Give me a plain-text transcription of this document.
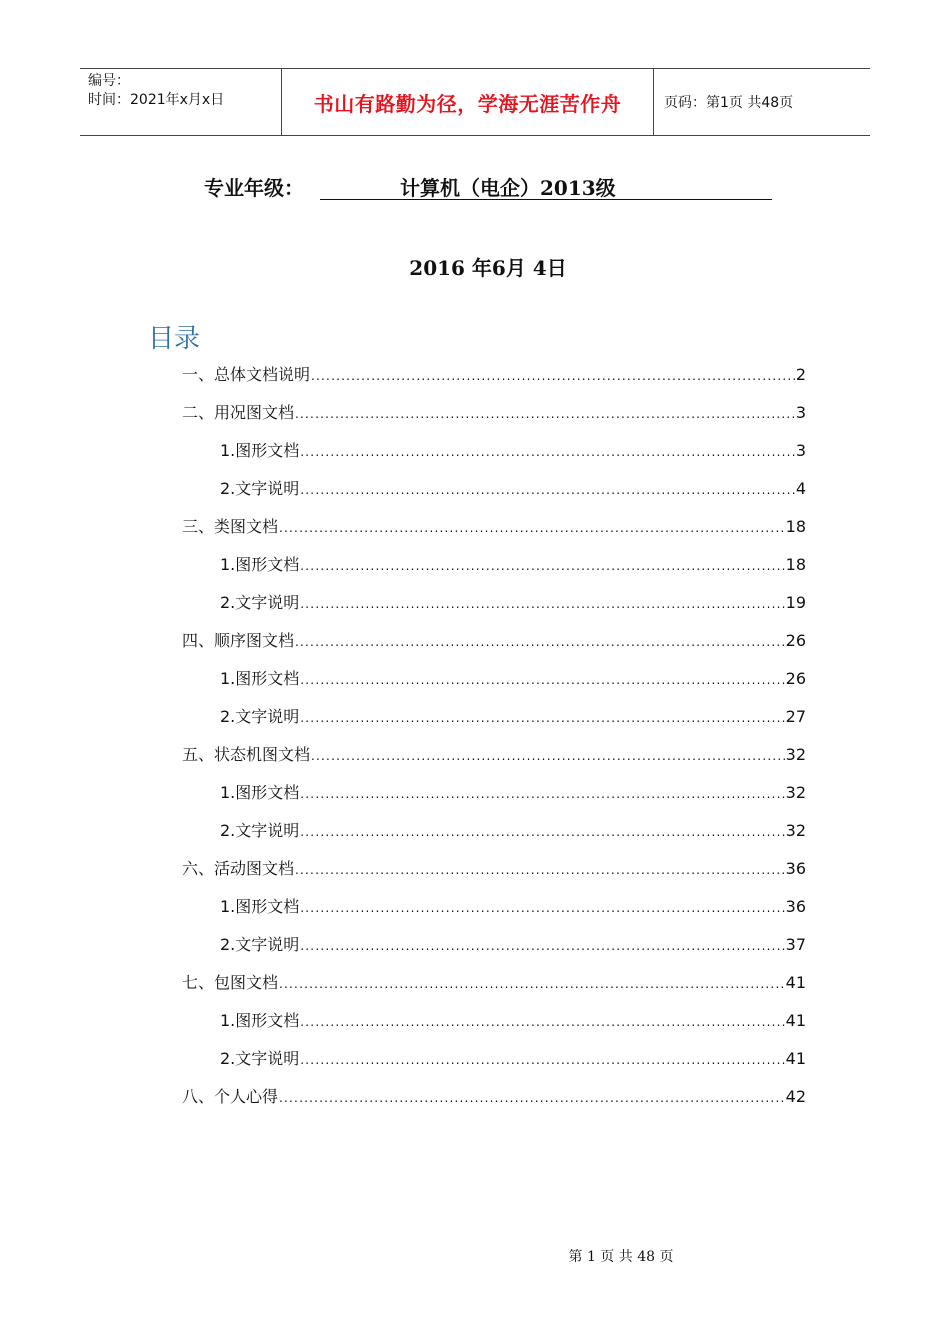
编号：
时间：2021年x月x日	书山有路勤为径，学海无涯苦作舟	页码：第1页 共48页
专业年级：	计算机（电企）2013级
2016 年6月 4日
目录
一、总体文档说明 .....	2
二、用况图文档 .....	3
1.图形文档 .....	3
2.文字说明 .....	4
三、类图文档 .....	18
1.图形文档 .....	18
2.文字说明 .....	19
四、顺序图文档 .....	26
1.图形文档 .....	26
2.文字说明 .....	27
五、状态机图文档 .....	32
1.图形文档 .....	32
2.文字说明 .....	32
六、活动图文档 .....	36
1.图形文档 .....	36
2.文字说明 .....	37
七、包图文档 .....	41
1.图形文档 .....	41
2.文字说明 .....	41
八、个人心得 .....	42
第 1 页 共 48 页
